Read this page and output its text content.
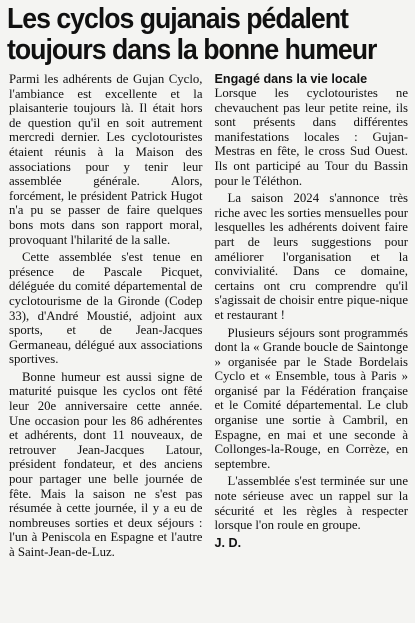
Les cyclos gujanais pédalent toujours dans la bonne humeur

Parmi les adhérents de Gujan Cyclo, l'ambiance est excellente et la plaisanterie toujours là. Il était hors de question qu'il en soit autrement mercredi dernier. Les cyclotouristes étaient réunis à la Maison des associations pour y tenir leur assemblée générale. Alors, forcément, le président Patrick Hugot n'a pu se passer de faire quelques bons mots dans son rapport moral, provoquant l'hilarité de la salle.

Cette assemblée s'est tenue en présence de Pascale Picquet, déléguée du comité départemental de cyclotourisme de la Gironde (Codep 33), d'André Moustié, adjoint aux sports, et de Jean-Jacques Germaneau, délégué aux associations sportives.

Bonne humeur est aussi signe de maturité puisque les cyclos ont fêté leur 20e anniversaire cette année. Une occasion pour les 86 adhérentes et adhérents, dont 11 nouveaux, de retrouver Jean-Jacques Latour, président fondateur, et des anciens pour partager une belle journée de fête. Mais la saison ne s'est pas résumée à cette journée, il y a eu de nombreuses sorties et deux séjours : l'un à Peniscola en Espagne et l'autre à Saint-Jean-de-Luz.

Engagé dans la vie locale

Lorsque les cyclotouristes ne chevauchent pas leur petite reine, ils sont présents dans différentes manifestations locales : Gujan-Mestras en fête, le cross Sud Ouest. Ils ont participé au Tour du Bassin pour le Téléthon.

La saison 2024 s'annonce très riche avec les sorties mensuelles pour lesquelles les adhérents doivent faire part de leurs suggestions pour améliorer l'organisation et la convivialité. Dans ce domaine, certains ont cru comprendre qu'il s'agissait de choisir entre pique-nique et restaurant !

Plusieurs séjours sont programmés dont la « Grande boucle de Saintonge » organisée par le Stade Bordelais Cyclo et « Ensemble, tous à Paris » organisé par la Fédération française et le Comité départemental. Le club organise une sortie à Cambril, en Espagne, en mai et une seconde à Collonges-la-Rouge, en Corrèze, en septembre.

L'assemblée s'est terminée sur une note sérieuse avec un rappel sur la sécurité et les règles à respecter lorsque l'on roule en groupe.

J. D.
